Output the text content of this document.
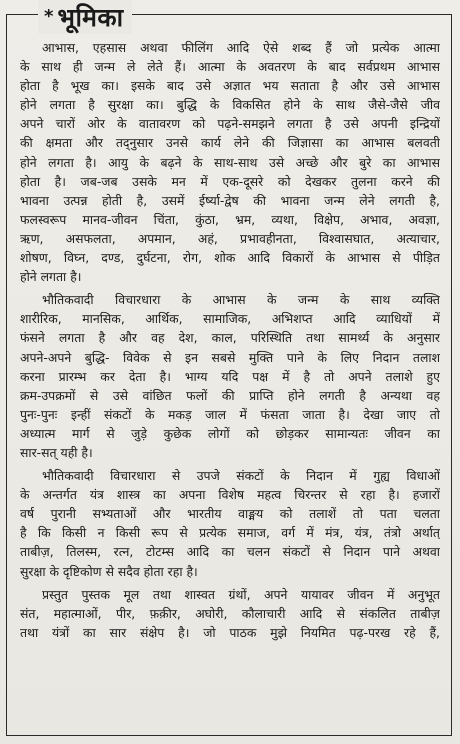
* भूमिका
आभास, एहसास अथवा फीलिंग आदि ऐसे शब्द हैं जो प्रत्येक आत्मा
के साथ ही जन्म ले लेते हैं। आत्मा के अवतरण के बाद सर्वप्रथम आभास
होता है भूख का। इसके बाद उसे अज्ञात भय सताता है और उसे आभास
होने लगता है सुरक्षा का। बुद्धि के विकसित होने के साथ जैसे-जैसे जीव
अपने चारों ओर के वातावरण को पढ़ने-समझने लगता है उसे अपनी इन्द्रियों
की क्षमता और तद्नुसार उनसे कार्य लेने की जिज्ञासा का आभास बलवती
होने लगता है। आयु के बढ़ने के साथ-साथ उसे अच्छे और बुरे का आभास
होता है। जब-जब उसके मन में एक-दूसरे को देखकर तुलना करने की
भावना उत्पन्न होती है, उसमें ईर्ष्या-द्वेष की भावना जन्म लेने लगती है,
फलस्वरूप मानव-जीवन चिंता, कुंठा, भ्रम, व्यथा, विक्षेप, अभाव, अवज्ञा,
ऋण, असफलता, अपमान, अहं, प्रभावहीनता, विश्वासघात, अत्याचार,
शोषण, विघ्न, दण्ड, दुर्घटना, रोग, शोक आदि विकारों के आभास से पीड़ित
होने लगता है।
भौतिकवादी विचारधारा के आभास के जन्म के साथ व्यक्ति
शारीरिक, मानसिक, आर्थिक, सामाजिक, अभिशप्त आदि व्याधियों में
फंसने लगता है और वह देश, काल, परिस्थिति तथा सामर्थ्य के अनुसार
अपने-अपने बुद्धि- विवेक से इन सबसे मुक्ति पाने के लिए निदान तलाश
करना प्रारम्भ कर देता है। भाग्य यदि पक्ष में है तो अपने तलाशे हुए
क्रम-उपक्रमों से उसे वांछित फलों की प्राप्ति होने लगती है अन्यथा वह
पुनः-पुनः इन्हीं संकटों के मकड़ जाल में फंसता जाता है। देखा जाए तो
अध्यात्म मार्ग से जुड़े कुछेक लोगों को छोड़कर सामान्यतः जीवन का
सार-सत् यही है।
भौतिकवादी विचारधारा से उपजे संकटों के निदान में गुह्य विधाओं
के अन्तर्गत यंत्र शास्त्र का अपना विशेष महत्व चिरन्तर से रहा है। हजारों
वर्ष पुरानी सभ्यताओं और भारतीय वाङ्मय को तलाशें तो पता चलता
है कि किसी न किसी रूप से प्रत्येक समाज, वर्ग में मंत्र, यंत्र, तंत्रो अर्थात्
ताबीज़, तिलस्म, रत्न, टोटम्स आदि का चलन संकटों से निदान पाने अथवा
सुरक्षा के दृष्टिकोण से सदैव होता रहा है।
प्रस्तुत पुस्तक मूल तथा शास्वत ग्रंथों, अपने यायावर जीवन में अनुभूत
संत, महात्माओं, पीर, फ़क़ीर, अघोरी, कौलाचारी आदि से संकलित ताबीज़
तथा यंत्रों का सार संक्षेप है। जो पाठक मुझे नियमित पढ़-परख रहे हैं,
